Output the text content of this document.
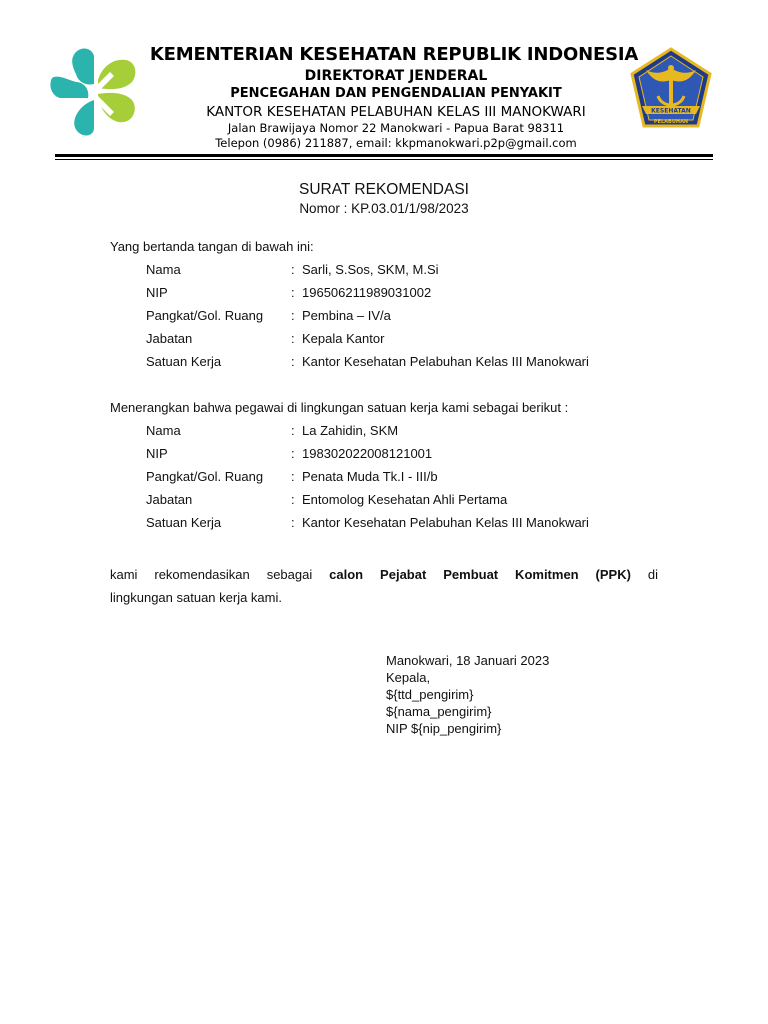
KESEHATAN
PELABUHAN
KEMENTERIAN KESEHATAN REPUBLIK INDONESIA
DIREKTORAT JENDERAL
PENCEGAHAN DAN PENGENDALIAN PENYAKIT
KANTOR KESEHATAN PELABUHAN KELAS III MANOKWARI
Jalan Brawijaya Nomor 22 Manokwari - Papua Barat 98311
Telepon (0986) 211887, email: kkpmanokwari.p2p@gmail.com
SURAT REKOMENDASI
Nomor : KP.03.01/1/98/2023
Yang bertanda tangan di bawah ini:
Nama	: Sarli, S.Sos, SKM, M.Si
NIP	: 196506211989031002
Pangkat/Gol. Ruang : Pembina – IV/a
Jabatan	: Kepala Kantor
Satuan Kerja	: Kantor Kesehatan Pelabuhan Kelas III Manokwari
Menerangkan bahwa pegawai di lingkungan satuan kerja kami sebagai berikut :
Nama	: La Zahidin, SKM
NIP	: 198302022008121001
Pangkat/Gol. Ruang : Penata Muda Tk.I - III/b
Jabatan	: Entomolog Kesehatan Ahli Pertama
Satuan Kerja	: Kantor Kesehatan Pelabuhan Kelas III Manokwari
kami rekomendasikan sebagai calon Pejabat Pembuat Komitmen (PPK) di
lingkungan satuan kerja kami.
Manokwari, 18 Januari 2023
Kepala,
${ttd_pengirim}
${nama_pengirim}
NIP ${nip_pengirim}
